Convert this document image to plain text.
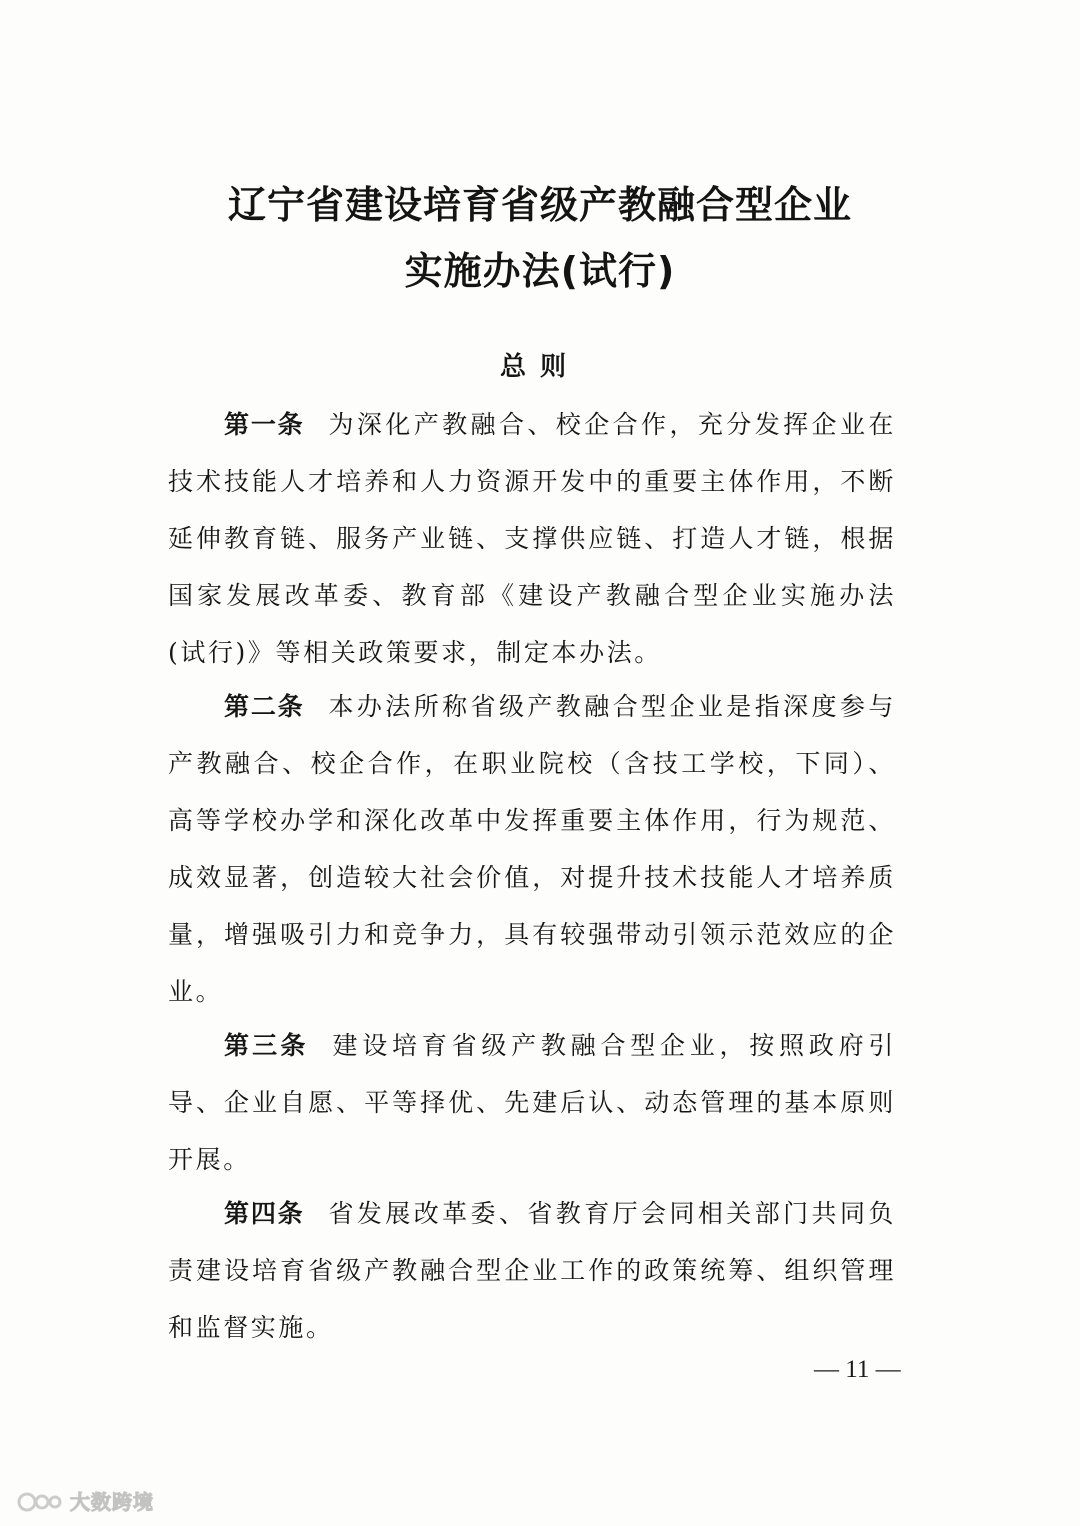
辽宁省建设培育省级产教融合型企业
实施办法(试行)
总则

第一条 为深化产教融合、校企合作，充分发挥企业在技术技能人才培养和人力资源开发中的重要主体作用，不断延伸教育链、服务产业链、支撑供应链、打造人才链，根据国家发展改革委、教育部《建设产教融合型企业实施办法(试行)》等相关政策要求，制定本办法。

第二条 本办法所称省级产教融合型企业是指深度参与产教融合、校企合作，在职业院校（含技工学校，下同）、高等学校办学和深化改革中发挥重要主体作用，行为规范、成效显著，创造较大社会价值，对提升技术技能人才培养质量，增强吸引力和竞争力，具有较强带动引领示范效应的企业。

第三条 建设培育省级产教融合型企业，按照政府引导、企业自愿、平等择优、先建后认、动态管理的基本原则开展。

第四条 省发展改革委、省教育厅会同相关部门共同负责建设培育省级产教融合型企业工作的政策统筹、组织管理和监督实施。

— 11 —
大数跨境
